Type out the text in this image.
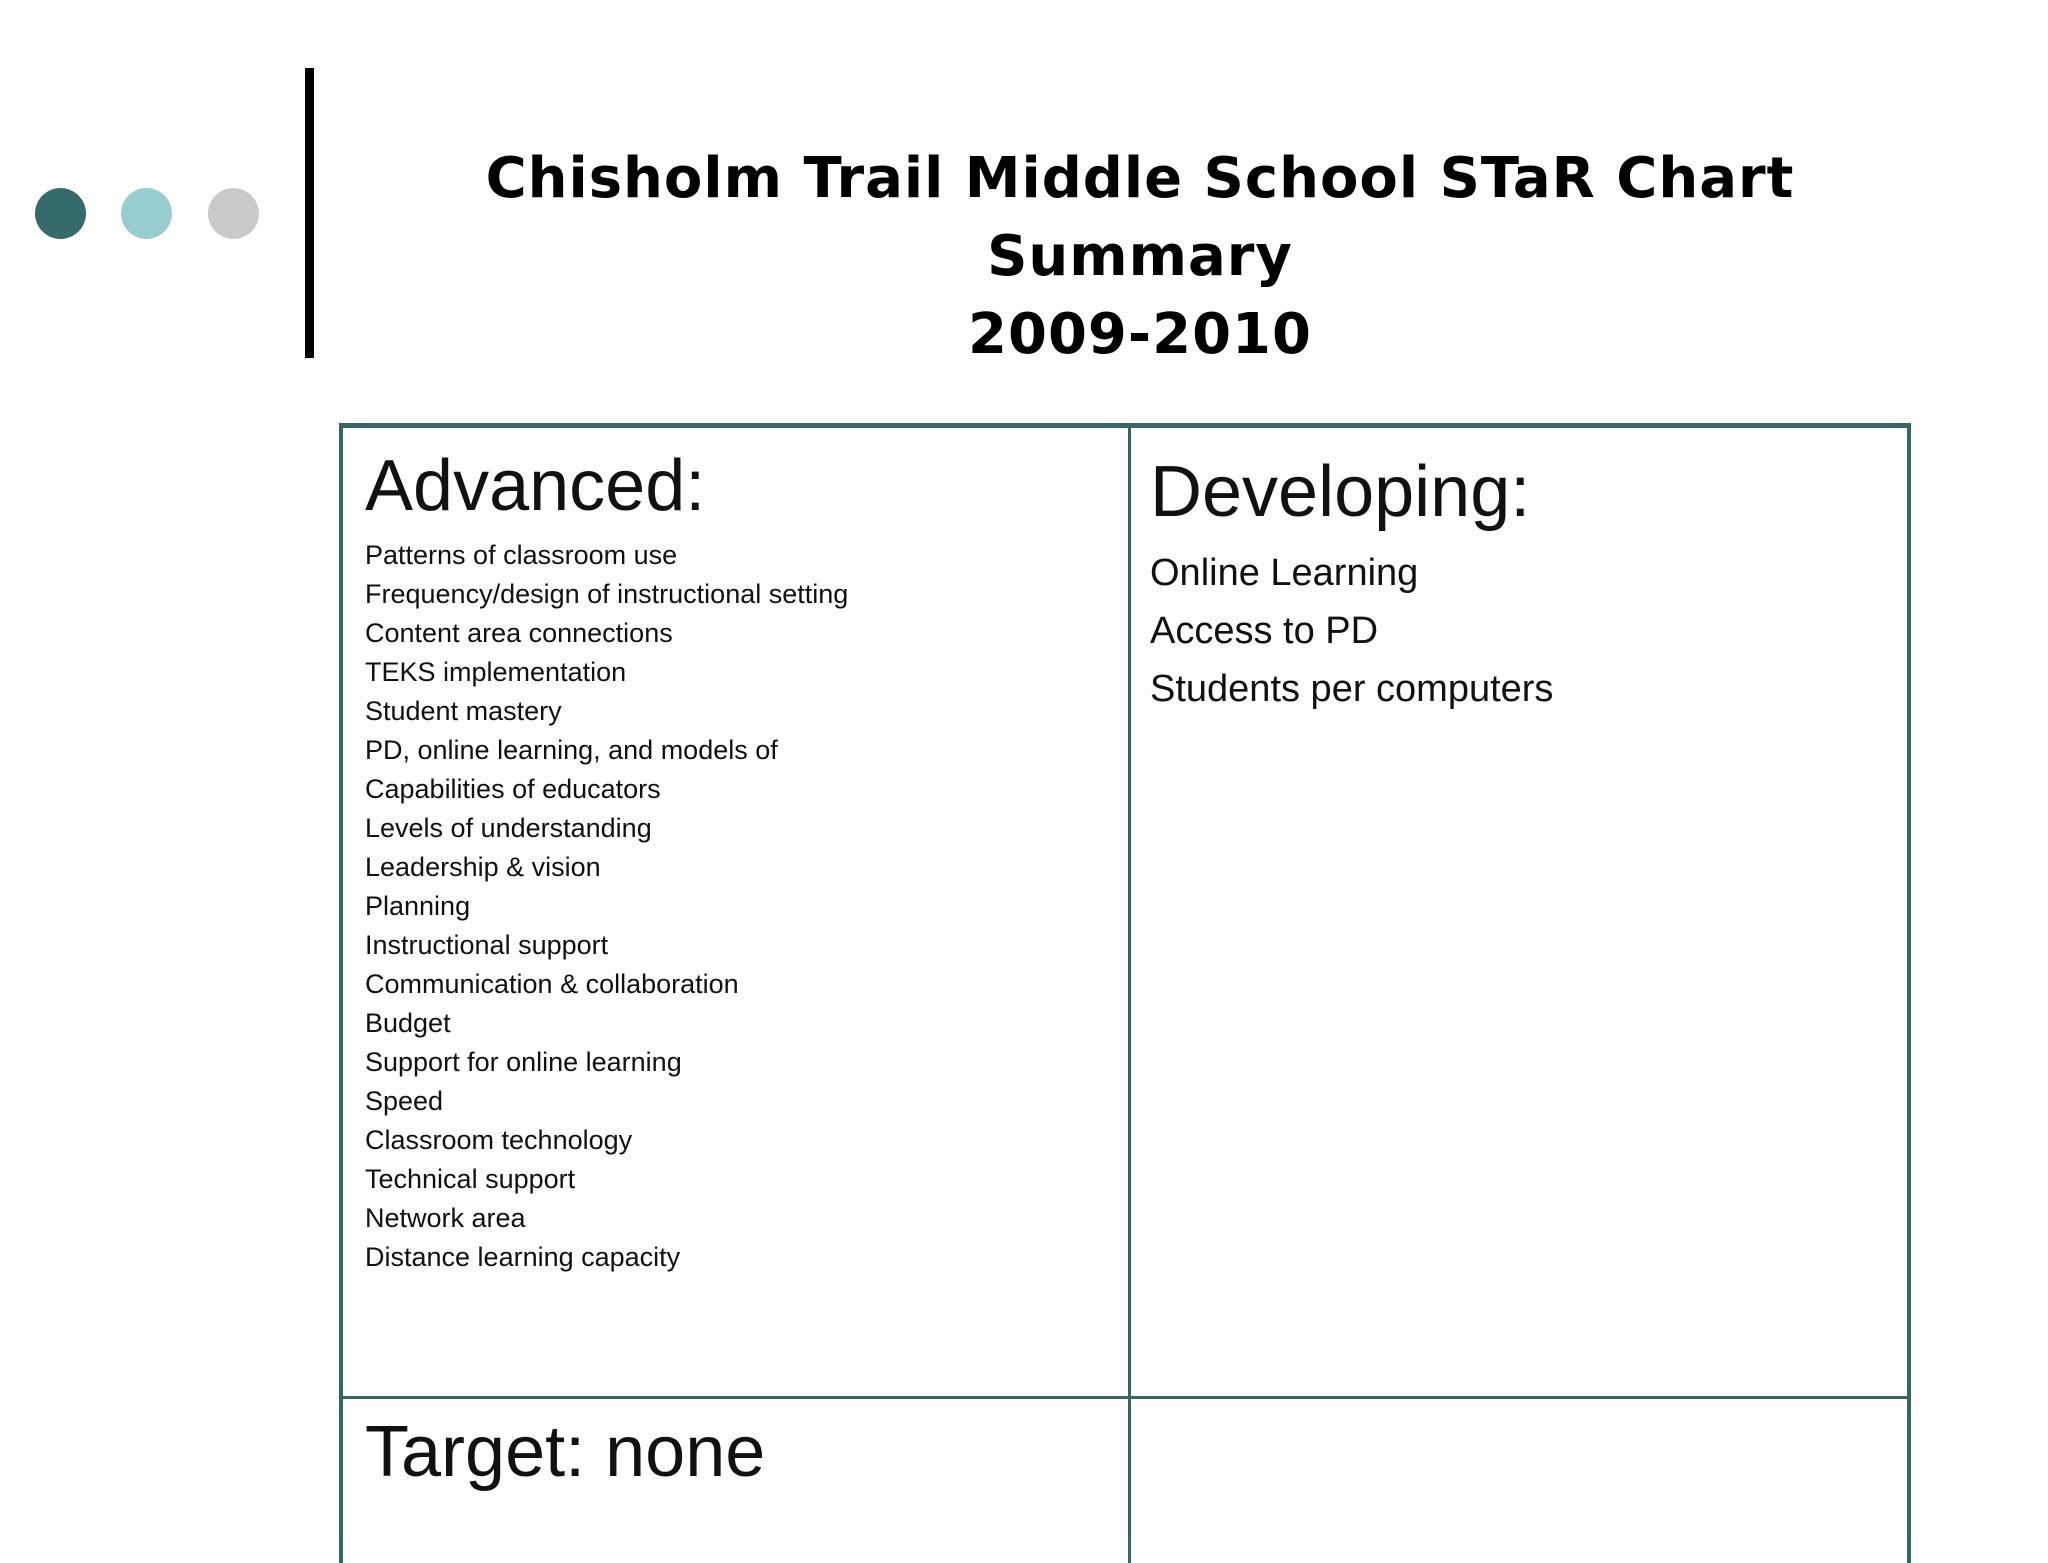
Chisholm Trail Middle School STaR Chart Summary
2009-2010
Advanced:
Patterns of classroom use
Frequency/design of instructional setting
Content area connections
TEKS implementation
Student mastery
PD, online learning, and models of
Capabilities of educators
Levels of understanding
Leadership & vision
Planning
Instructional support
Communication & collaboration
Budget
Support for online learning
Speed
Classroom technology
Technical support
Network area
Distance learning capacity
Developing:
Online Learning
Access to PD
Students per computers
Target: none
